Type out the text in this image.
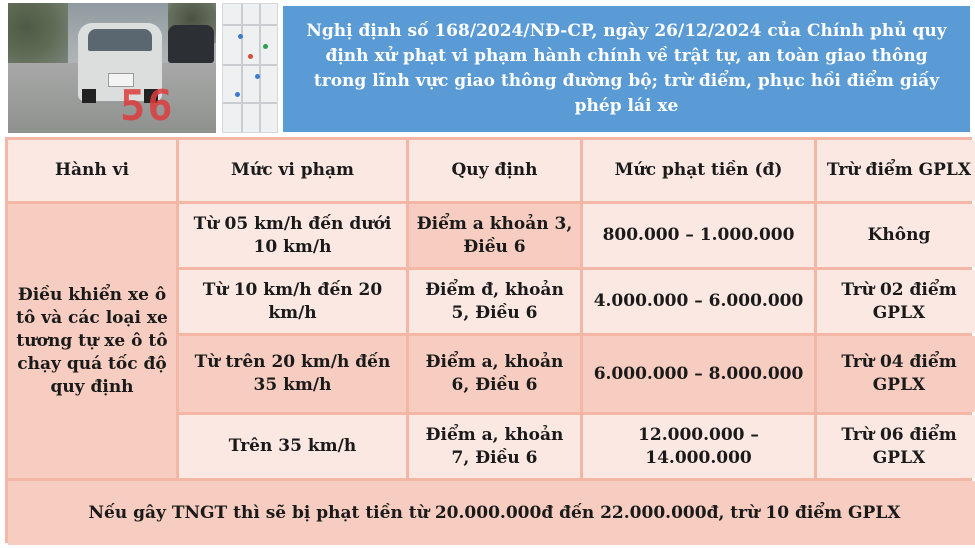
56

Nghị định số 168/2024/NĐ-CP, ngày 26/12/2024 của Chính phủ quy định xử phạt vi phạm hành chính về trật tự, an toàn giao thông trong lĩnh vực giao thông đường bộ; trừ điểm, phục hồi điểm giấy phép lái xe

Hành vi	Mức vi phạm	Quy định	Mức phạt tiền (đ)	Trừ điểm GPLX
Điều khiển xe ô tô và các loại xe tương tự xe ô tô chạy quá tốc độ quy định	Từ 05 km/h đến dưới 10 km/h	Điểm a khoản 3, Điều 6	800.000 – 1.000.000	Không
	Từ 10 km/h đến 20 km/h	Điểm đ, khoản 5, Điều 6	4.000.000 – 6.000.000	Trừ 02 điểm GPLX
	Từ trên 20 km/h đến 35 km/h	Điểm a, khoản 6, Điều 6	6.000.000 – 8.000.000	Trừ 04 điểm GPLX
	Trên 35 km/h	Điểm a, khoản 7, Điều 6	12.000.000 – 14.000.000	Trừ 06 điểm GPLX
Nếu gây TNGT thì sẽ bị phạt tiền từ 20.000.000đ đến 22.000.000đ, trừ 10 điểm GPLX				
